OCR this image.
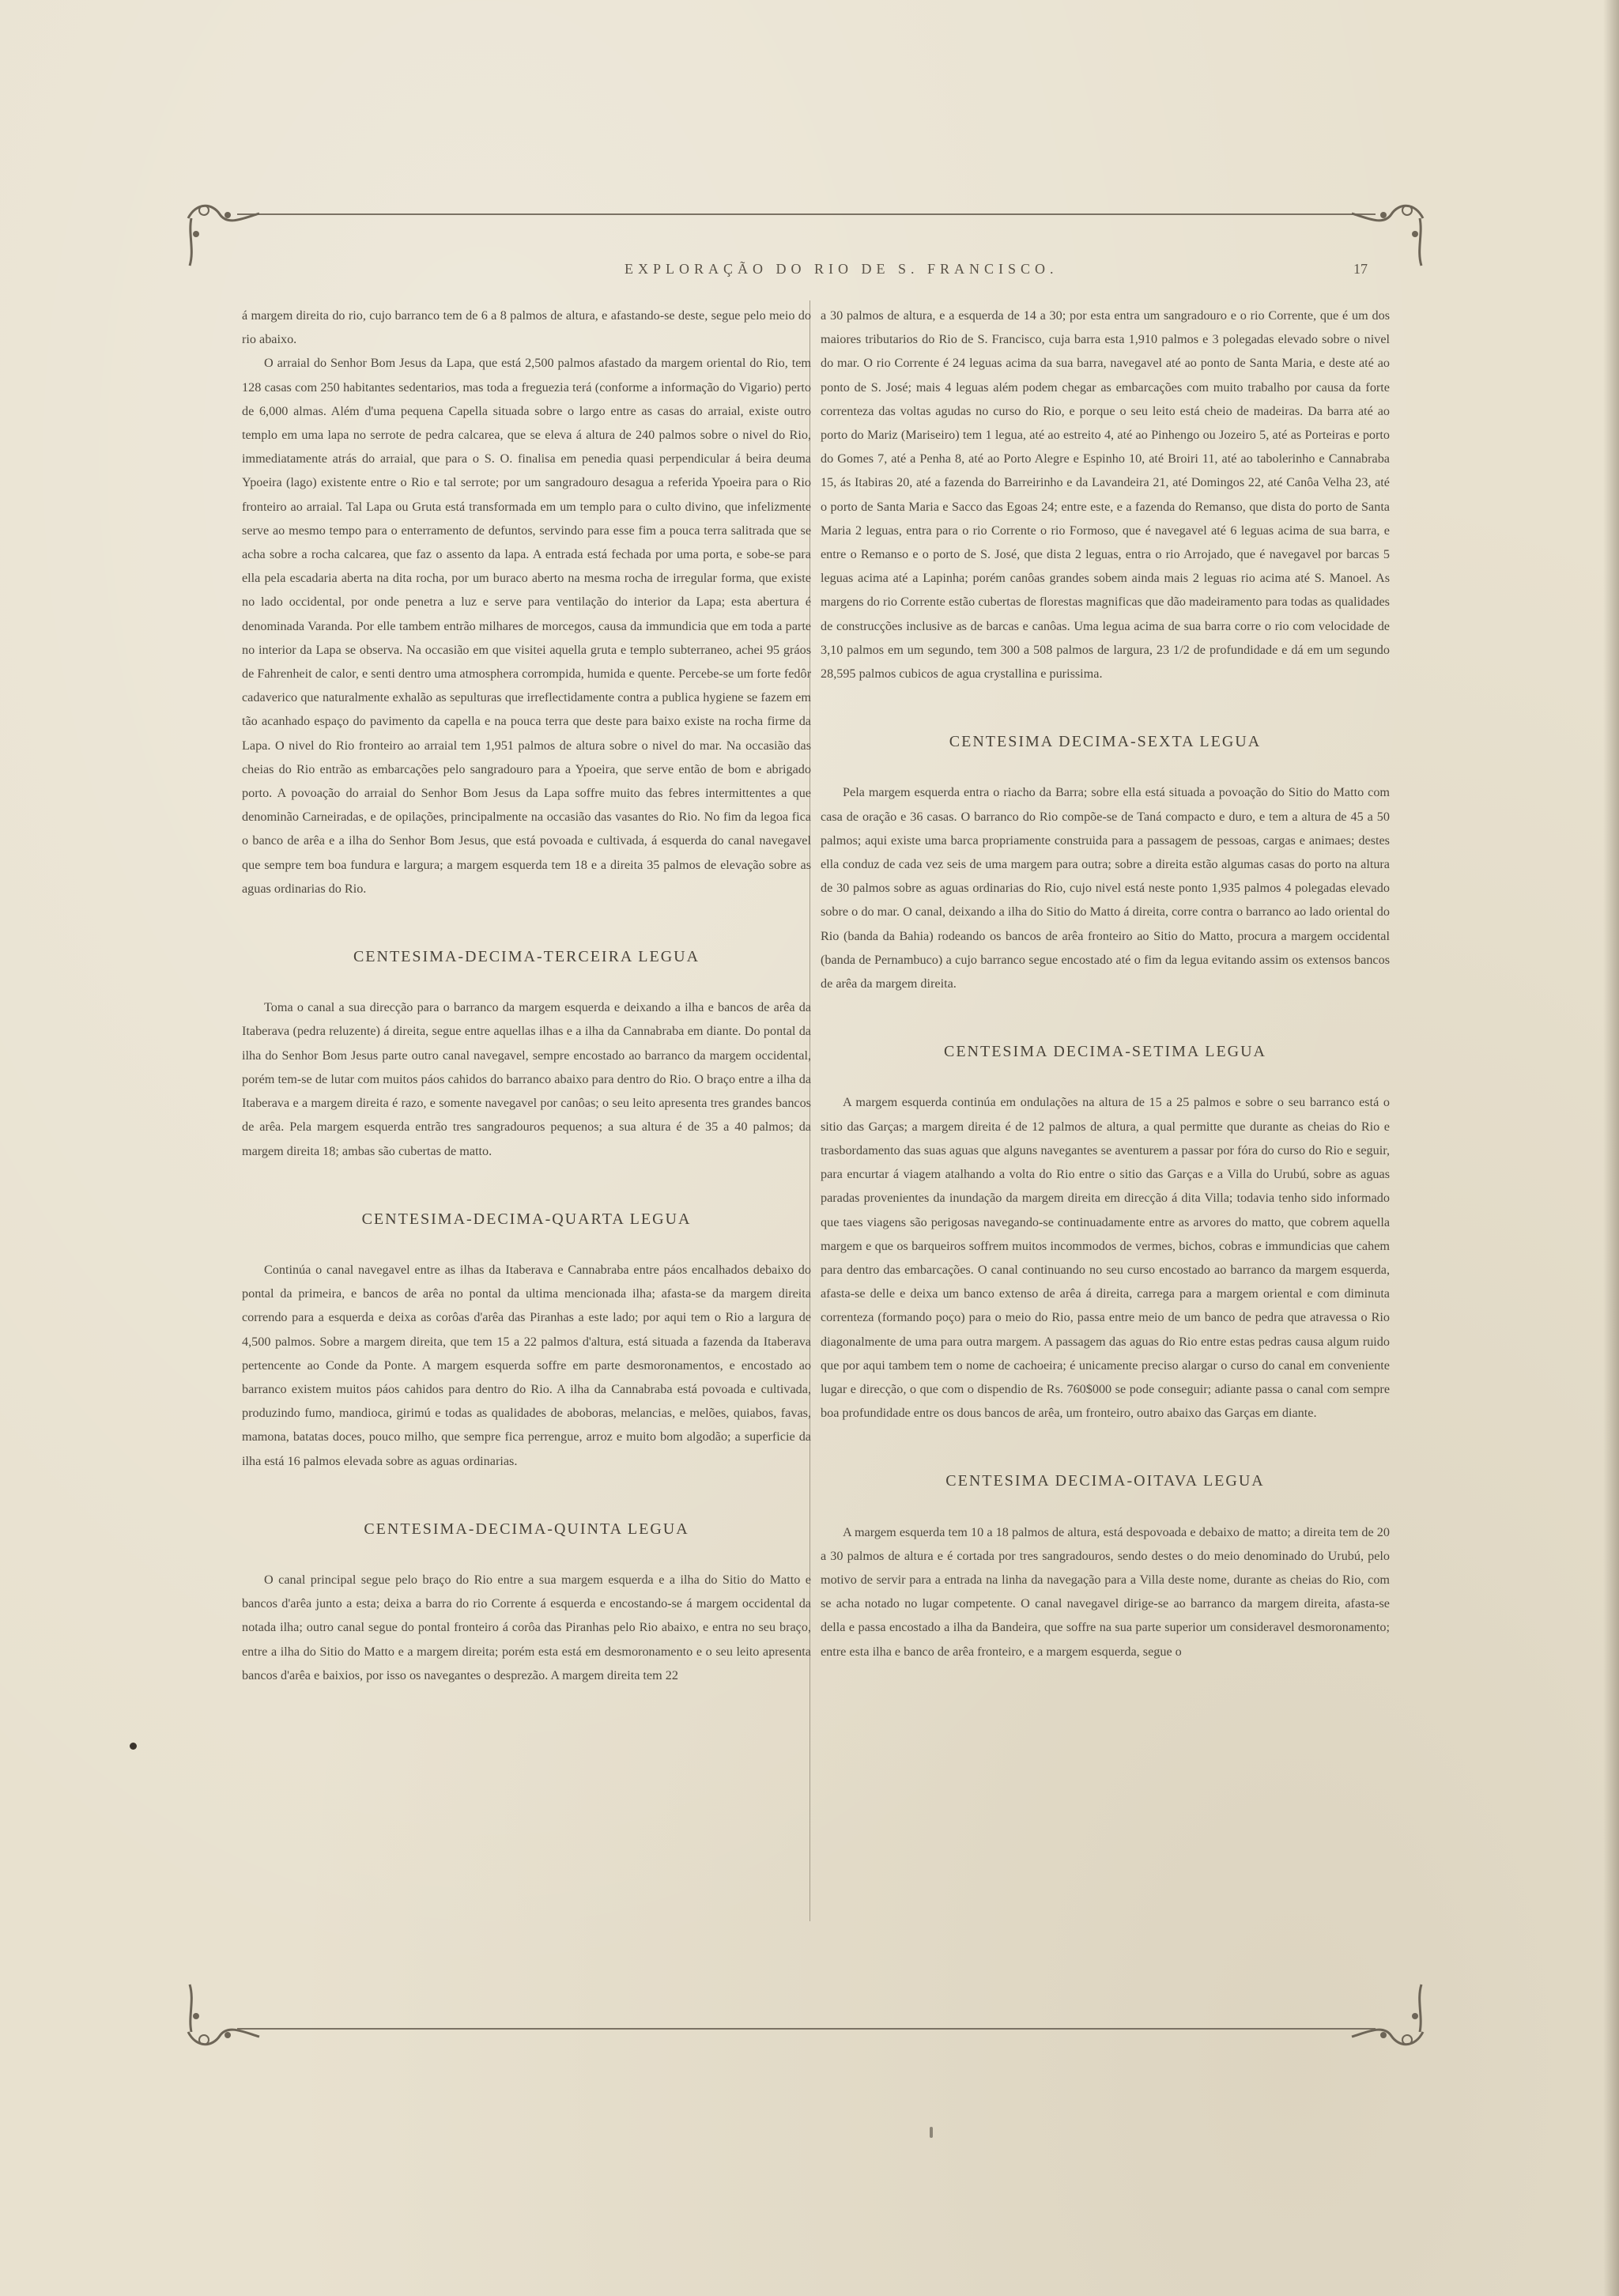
EXPLORAÇÃO DO RIO DE S. FRANCISCO.	17

á margem direita do rio, cujo barranco tem de 6 a 8 palmos de altura, e afastando-se deste, segue pelo meio do rio abaixo.

O arraial do Senhor Bom Jesus da Lapa, que está 2,500 palmos afastado da margem oriental do Rio, tem 128 casas com 250 habitantes sedentarios, mas toda a freguezia terá (conforme a informação do Vigario) perto de 6,000 almas. Além d'uma pequena Capella situada sobre o largo entre as casas do arraial, existe outro templo em uma lapa no serrote de pedra calcarea, que se eleva á altura de 240 palmos sobre o nivel do Rio, immediatamente atrás do arraial, que para o S. O. finalisa em penedia quasi perpendicular á beira deuma Ypoeira (lago) existente entre o Rio e tal serrote; por um sangradouro desagua a referida Ypoeira para o Rio fronteiro ao arraial. Tal Lapa ou Gruta está transformada em um templo para o culto divino, que infelizmente serve ao mesmo tempo para o enterramento de defuntos, servindo para esse fim a pouca terra salitrada que se acha sobre a rocha calcarea, que faz o assento da lapa. A entrada está fechada por uma porta, e sobe-se para ella pela escadaria aberta na dita rocha, por um buraco aberto na mesma rocha de irregular forma, que existe no lado occidental, por onde penetra a luz e serve para ventilação do interior da Lapa; esta abertura é denominada Varanda. Por elle tambem entrão milhares de morcegos, causa da immundicia que em toda a parte no interior da Lapa se observa. Na occasião em que visitei aquella gruta e templo subterraneo, achei 95 gráos de Fahrenheit de calor, e senti dentro uma atmosphera corrompida, humida e quente. Percebe-se um forte fedôr cadaverico que naturalmente exhalão as sepulturas que irreflectidamente contra a publica hygiene se fazem em tão acanhado espaço do pavimento da capella e na pouca terra que deste para baixo existe na rocha firme da Lapa. O nivel do Rio fronteiro ao arraial tem 1,951 palmos de altura sobre o nivel do mar. Na occasião das cheias do Rio entrão as embarcações pelo sangradouro para a Ypoeira, que serve então de bom e abrigado porto. A povoação do arraial do Senhor Bom Jesus da Lapa soffre muito das febres intermittentes a que denominão Carneiradas, e de opilações, principalmente na occasião das vasantes do Rio. No fim da legoa fica o banco de arêa e a ilha do Senhor Bom Jesus, que está povoada e cultivada, á esquerda do canal navegavel que sempre tem boa fundura e largura; a margem esquerda tem 18 e a direita 35 palmos de elevação sobre as aguas ordinarias do Rio.

CENTESIMA-DECIMA-TERCEIRA LEGUA

Toma o canal a sua direcção para o barranco da margem esquerda e deixando a ilha e bancos de arêa da Itaberava (pedra reluzente) á direita, segue entre aquellas ilhas e a ilha da Cannabraba em diante. Do pontal da ilha do Senhor Bom Jesus parte outro canal navegavel, sempre encostado ao barranco da margem occidental, porém tem-se de lutar com muitos páos cahidos do barranco abaixo para dentro do Rio. O braço entre a ilha da Itaberava e a margem direita é razo, e somente navegavel por canôas; o seu leito apresenta tres grandes bancos de arêa. Pela margem esquerda entrão tres sangradouros pequenos; a sua altura é de 35 a 40 palmos; da margem direita 18; ambas são cubertas de matto.

CENTESIMA-DECIMA-QUARTA LEGUA

Continúa o canal navegavel entre as ilhas da Itaberava e Cannabraba entre páos encalhados debaixo do pontal da primeira, e bancos de arêa no pontal da ultima mencionada ilha; afasta-se da margem direita correndo para a esquerda e deixa as corôas d'arêa das Piranhas a este lado; por aqui tem o Rio a largura de 4,500 palmos. Sobre a margem direita, que tem 15 a 22 palmos d'altura, está situada a fazenda da Itaberava pertencente ao Conde da Ponte. A margem esquerda soffre em parte desmoronamentos, e encostado ao barranco existem muitos páos cahidos para dentro do Rio. A ilha da Cannabraba está povoada e cultivada, produzindo fumo, mandioca, girimú e todas as qualidades de aboboras, melancias, e melões, quiabos, favas, mamona, batatas doces, pouco milho, que sempre fica perrengue, arroz e muito bom algodão; a superficie da ilha está 16 palmos elevada sobre as aguas ordinarias.

CENTESIMA-DECIMA-QUINTA LEGUA

O canal principal segue pelo braço do Rio entre a sua margem esquerda e a ilha do Sitio do Matto e bancos d'arêa junto a esta; deixa a barra do rio Corrente á esquerda e encostando-se á margem occidental da notada ilha; outro canal segue do pontal fronteiro á corôa das Piranhas pelo Rio abaixo, e entra no seu braço, entre a ilha do Sitio do Matto e a margem direita; porém esta está em desmoronamento e o seu leito apresenta bancos d'arêa e baixios, por isso os navegantes o desprezão. A margem direita tem 22

a 30 palmos de altura, e a esquerda de 14 a 30; por esta entra um sangradouro e o rio Corrente, que é um dos maiores tributarios do Rio de S. Francisco, cuja barra esta 1,910 palmos e 3 polegadas elevado sobre o nivel do mar. O rio Corrente é 24 leguas acima da sua barra, navegavel até ao ponto de Santa Maria, e deste até ao ponto de S. José; mais 4 leguas além podem chegar as embarcações com muito trabalho por causa da forte correnteza das voltas agudas no curso do Rio, e porque o seu leito está cheio de madeiras. Da barra até ao porto do Mariz (Mariseiro) tem 1 legua, até ao estreito 4, até ao Pinhengo ou Jozeiro 5, até as Porteiras e porto do Gomes 7, até a Penha 8, até ao Porto Alegre e Espinho 10, até Broiri 11, até ao tabolerinho e Cannabraba 15, ás Itabiras 20, até a fazenda do Barreirinho e da Lavandeira 21, até Domingos 22, até Canôa Velha 23, até o porto de Santa Maria e Sacco das Egoas 24; entre este, e a fazenda do Remanso, que dista do porto de Santa Maria 2 leguas, entra para o rio Corrente o rio Formoso, que é navegavel até 6 leguas acima de sua barra, e entre o Remanso e o porto de S. José, que dista 2 leguas, entra o rio Arrojado, que é navegavel por barcas 5 leguas acima até a Lapinha; porém canôas grandes sobem ainda mais 2 leguas rio acima até S. Manoel. As margens do rio Corrente estão cubertas de florestas magnificas que dão madeiramento para todas as qualidades de construcções inclusive as de barcas e canôas. Uma legua acima de sua barra corre o rio com velocidade de 3,10 palmos em um segundo, tem 300 a 508 palmos de largura, 23 1/2 de profundidade e dá em um segundo 28,595 palmos cubicos de agua crystallina e purissima.

CENTESIMA DECIMA-SEXTA LEGUA

Pela margem esquerda entra o riacho da Barra; sobre ella está situada a povoação do Sitio do Matto com casa de oração e 36 casas. O barranco do Rio compõe-se de Taná compacto e duro, e tem a altura de 45 a 50 palmos; aqui existe uma barca propriamente construida para a passagem de pessoas, cargas e animaes; destes ella conduz de cada vez seis de uma margem para outra; sobre a direita estão algumas casas do porto na altura de 30 palmos sobre as aguas ordinarias do Rio, cujo nivel está neste ponto 1,935 palmos 4 polegadas elevado sobre o do mar. O canal, deixando a ilha do Sitio do Matto á direita, corre contra o barranco ao lado oriental do Rio (banda da Bahia) rodeando os bancos de arêa fronteiro ao Sitio do Matto, procura a margem occidental (banda de Pernambuco) a cujo barranco segue encostado até o fim da legua evitando assim os extensos bancos de arêa da margem direita.

CENTESIMA DECIMA-SETIMA LEGUA

A margem esquerda continúa em ondulações na altura de 15 a 25 palmos e sobre o seu barranco está o sitio das Garças; a margem direita é de 12 palmos de altura, a qual permitte que durante as cheias do Rio e trasbordamento das suas aguas que alguns navegantes se aventurem a passar por fóra do curso do Rio e seguir, para encurtar á viagem atalhando a volta do Rio entre o sitio das Garças e a Villa do Urubú, sobre as aguas paradas provenientes da inundação da margem direita em direcção á dita Villa; todavia tenho sido informado que taes viagens são perigosas navegando-se continuadamente entre as arvores do matto, que cobrem aquella margem e que os barqueiros soffrem muitos incommodos de vermes, bichos, cobras e immundicias que cahem para dentro das embarcações. O canal continuando no seu curso encostado ao barranco da margem esquerda, afasta-se delle e deixa um banco extenso de arêa á direita, carrega para a margem oriental e com diminuta correnteza (formando poço) para o meio do Rio, passa entre meio de um banco de pedra que atravessa o Rio diagonalmente de uma para outra margem. A passagem das aguas do Rio entre estas pedras causa algum ruido que por aqui tambem tem o nome de cachoeira; é unicamente preciso alargar o curso do canal em conveniente lugar e direcção, o que com o dispendio de Rs. 760$000 se pode conseguir; adiante passa o canal com sempre boa profundidade entre os dous bancos de arêa, um fronteiro, outro abaixo das Garças em diante.

CENTESIMA DECIMA-OITAVA LEGUA

A margem esquerda tem 10 a 18 palmos de altura, está despovoada e debaixo de matto; a direita tem de 20 a 30 palmos de altura e é cortada por tres sangradouros, sendo destes o do meio denominado do Urubú, pelo motivo de servir para a entrada na linha da navegação para a Villa deste nome, durante as cheias do Rio, com se acha notado no lugar competente. O canal navegavel dirige-se ao barranco da margem direita, afasta-se della e passa encostado a ilha da Bandeira, que soffre na sua parte superior um consideravel desmoronamento; entre esta ilha e banco de arêa fronteiro, e a margem esquerda, segue o
